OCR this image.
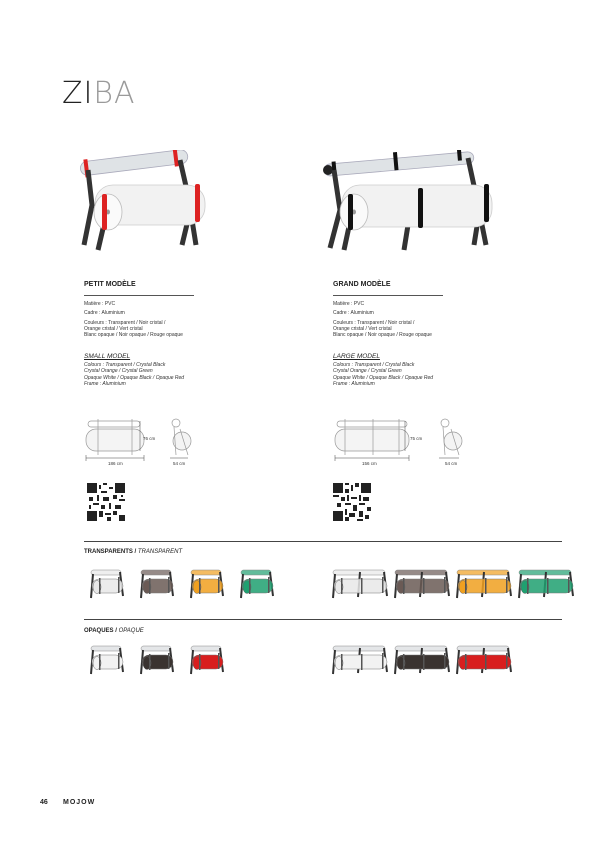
ZIBA
PETIT MODÈLE
Matière : PVC
Cadre : Aluminium
Couleurs : Transparent / Noir cristal /
Orange cristal / Vert cristal
Blanc opaque / Noir opaque / Rouge opaque
SMALL MODEL
Colours : Transparent / Crystal Black
Crystal Orange / Crystal Green
Opaque White / Opaque Black / Opaque Red
Frame : Aluminium
GRAND MODÈLE
Matière : PVC
Cadre : Aluminium
Couleurs : Transparent / Noir cristal /
Orange cristal / Vert cristal
Blanc opaque / Noir opaque / Rouge opaque
LARGE MODEL
Colours : Transparent / Crystal Black
Crystal Orange / Crystal Green
Opaque White / Opaque Black / Opaque Red
Frame : Aluminium
186 cm
76 cm
54 cm	156 cm
75 cm
54 cm
TRANSPARENTS / TRANSPARENT
OPAQUES / OPAQUE
46 MOJOW
